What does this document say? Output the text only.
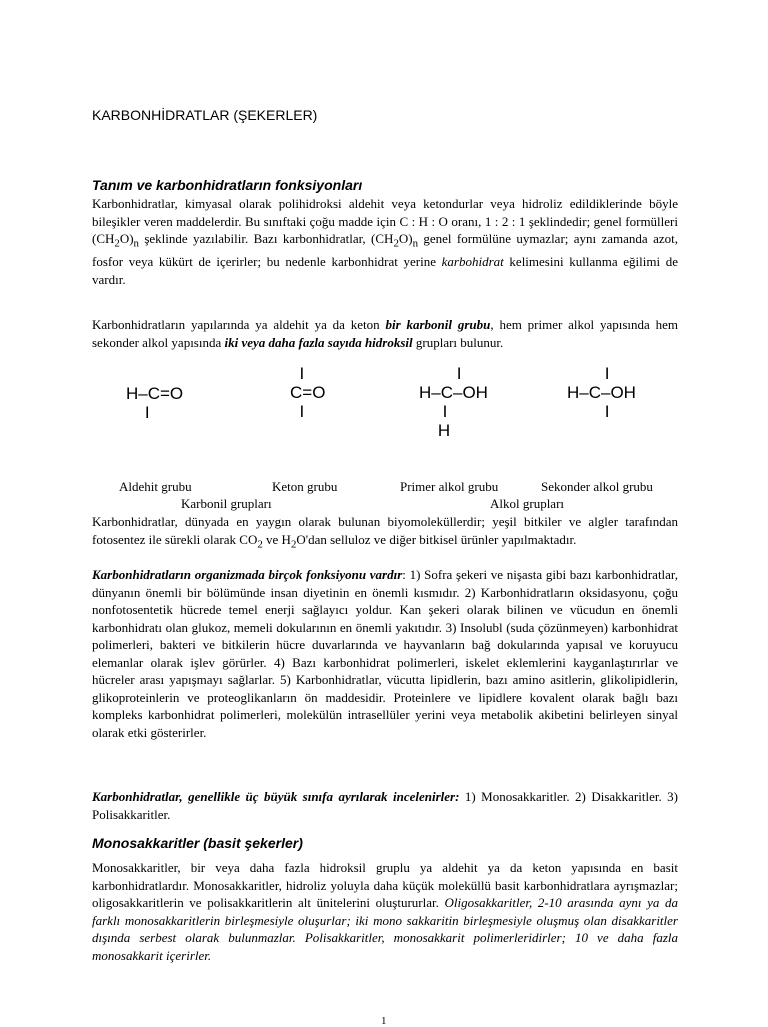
KARBONHİDRATLAR (ŞEKERLER)
Tanım ve karbonhidratların fonksiyonları

Karbonhidratlar, kimyasal olarak polihidroksi aldehit veya ketondurlar veya hidroliz edildiklerinde böyle bileşikler veren maddelerdir. Bu sınıftaki çoğu madde için C : H : O oranı, 1 : 2 : 1 şeklindedir; genel formülleri $(CH_2O)_n$ şeklinde yazılabilir. Bazı karbonhidratlar, $(CH_2O)_n$ genel formülüne uymazlar; aynı zamanda azot, fosfor veya kükürt de içerirler; bu nedenle karbonhidrat yerine karbohidrat kelimesini kullanma eğilimi de vardır.

Karbonhidratların yapılarında ya aldehit ya da keton bir karbonil grubu, hem primer alkol yapısında hem sekonder alkol yapısında iki veya daha fazla sayıda hidroksil grupları bulunur.

H–C=O
I
I
C=O
I
I
H–C–OH
I
H
I
H–C–OH
I
Aldehit grubu	Keton grubu	Primer alkol grubu	Sekonder alkol grubu
Karbonil grupları	Alkol grupları

Karbonhidratlar, dünyada en yaygın olarak bulunan biyomoleküllerdir; yeşil bitkiler ve algler tarafından fotosentez ile sürekli olarak $CO_2$ ve $H_2O'dan$ selluloz ve diğer bitkisel ürünler yapılmaktadır.

Karbonhidratların organizmada birçok fonksiyonu vardır: 1) Sofra şekeri ve nişasta gibi bazı karbonhidratlar, dünyanın önemli bir bölümünde insan diyetinin en önemli kısmıdır. 2) Karbonhidratların oksidasyonu, çoğu nonfotosentetik hücrede temel enerji sağlayıcı yoldur. Kan şekeri olarak bilinen ve vücudun en önemli karbonhidratı olan glukoz, memeli dokularının en önemli yakıtıdır. 3) Insolubl (suda çözünmeyen) karbonhidrat polimerleri, bakteri ve bitkilerin hücre duvarlarında ve hayvanların bağ dokularında yapısal ve koruyucu elemanlar olarak işlev görürler. 4) Bazı karbonhidrat polimerleri, iskelet eklemlerini kayganlaştırırlar ve hücreler arası yapışmayı sağlarlar. 5) Karbonhidratlar, vücutta lipidlerin, bazı amino asitlerin, glikolipidlerin, glikoproteinlerin ve proteoglikanların ön maddesidir. Proteinlere ve lipidlere kovalent olarak bağlı bazı kompleks karbonhidrat polimerleri, molekülün intrasellüler yerini veya metabolik akibetini belirleyen sinyal olarak etki gösterirler.

Karbonhidratlar, genellikle üç büyük sınıfa ayrılarak incelenirler: 1) Monosakkaritler. 2) Disakkaritler. 3) Polisakkaritler.

Monosakkaritler (basit şekerler)

Monosakkaritler, bir veya daha fazla hidroksil gruplu ya aldehit ya da keton yapısında en basit karbonhidratlardır. Monosakkaritler, hidroliz yoluyla daha küçük moleküllü basit karbonhidratlara ayrışmazlar; oligosakkaritlerin ve polisakkaritlerin alt ünitelerini oluştururlar. Oligosakkaritler, 2-10 arasında aynı ya da farklı monosakkaritlerin birleşmesiyle oluşurlar; iki mono sakkaritin birleşmesiyle oluşmuş olan disakkaritler dışında serbest olarak bulunmazlar. Polisakkaritler, monosakkarit polimerleridirler; 10 ve daha fazla monosakkarit içerirler.

1
